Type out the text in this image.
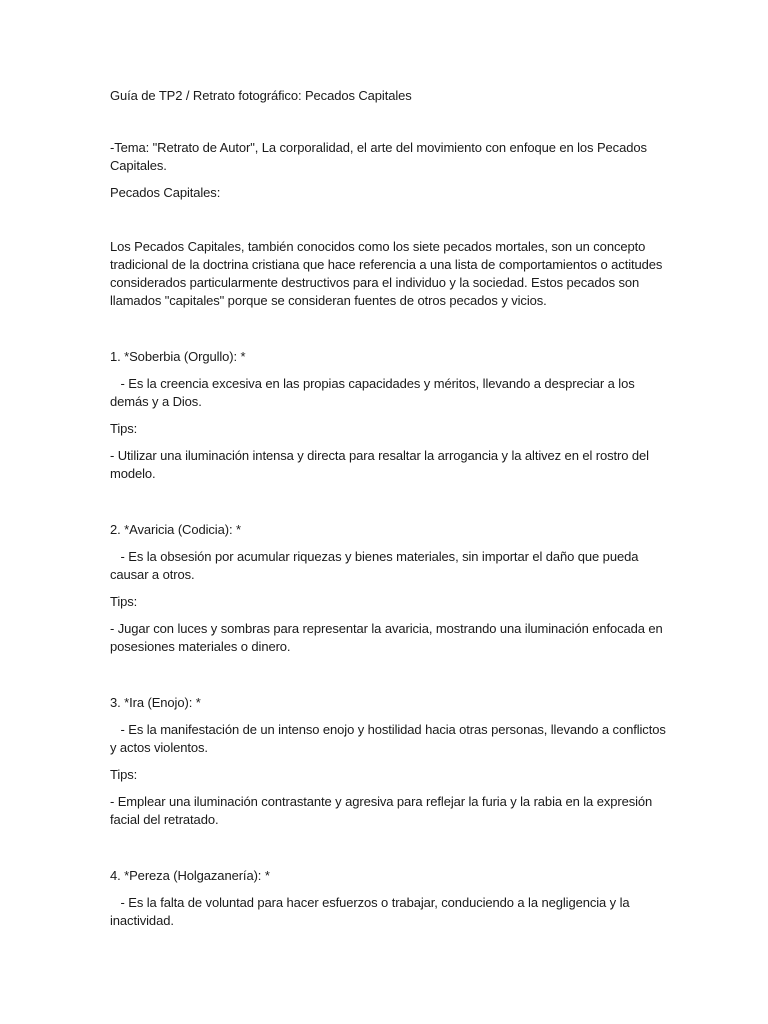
Guía de TP2 / Retrato fotográfico: Pecados Capitales

-Tema: "Retrato de Autor", La corporalidad, el arte del movimiento con enfoque en los Pecados Capitales.

Pecados Capitales:

Los Pecados Capitales, también conocidos como los siete pecados mortales, son un concepto tradicional de la doctrina cristiana que hace referencia a una lista de comportamientos o actitudes considerados particularmente destructivos para el individuo y la sociedad. Estos pecados son llamados "capitales" porque se consideran fuentes de otros pecados y vicios.

1. *Soberbia (Orgullo): *

- Es la creencia excesiva en las propias capacidades y méritos, llevando a despreciar a los demás y a Dios.

Tips:

- Utilizar una iluminación intensa y directa para resaltar la arrogancia y la altivez en el rostro del modelo.

2. *Avaricia (Codicia): *

- Es la obsesión por acumular riquezas y bienes materiales, sin importar el daño que pueda causar a otros.

Tips:

- Jugar con luces y sombras para representar la avaricia, mostrando una iluminación enfocada en posesiones materiales o dinero.

3. *Ira (Enojo): *

- Es la manifestación de un intenso enojo y hostilidad hacia otras personas, llevando a conflictos y actos violentos.

Tips:

- Emplear una iluminación contrastante y agresiva para reflejar la furia y la rabia en la expresión facial del retratado.

4. *Pereza (Holgazanería): *

- Es la falta de voluntad para hacer esfuerzos o trabajar, conduciendo a la negligencia y la inactividad.
